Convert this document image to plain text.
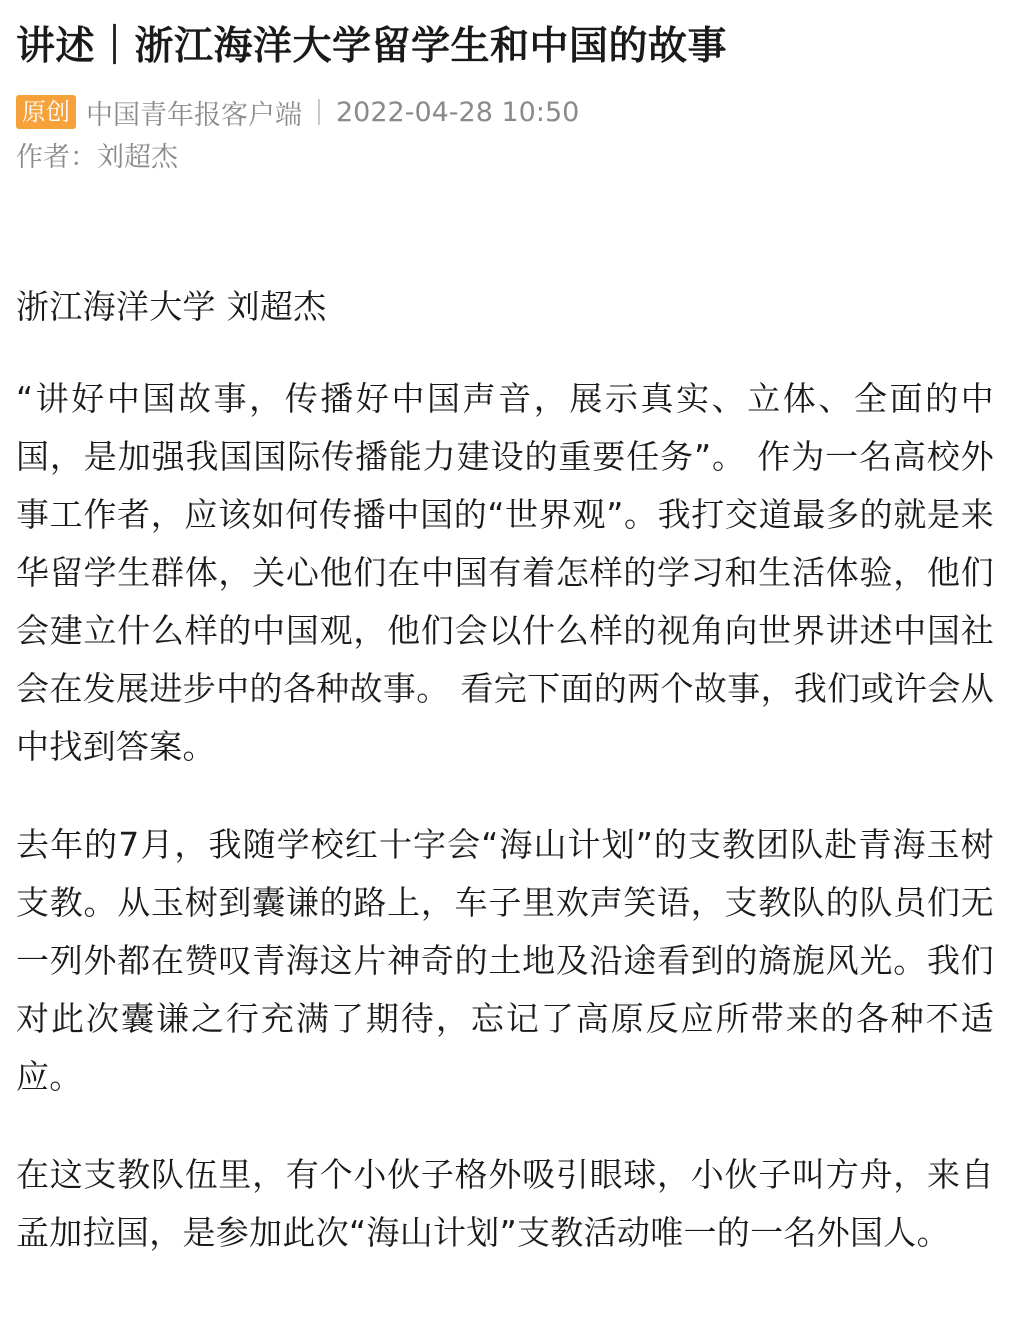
讲述｜浙江海洋大学留学生和中国的故事
原创 中国青年报客户端 2022-04-28 10:50
作者：刘超杰

浙江海洋大学 刘超杰

“讲好中国故事，传播好中国声音，展示真实、立体、全面的中国，是加强我国国际传播能力建设的重要任务”。 作为一名高校外事工作者，应该如何传播中国的“世界观”。我打交道最多的就是来华留学生群体，关心他们在中国有着怎样的学习和生活体验，他们会建立什么样的中国观，他们会以什么样的视角向世界讲述中国社会在发展进步中的各种故事。 看完下面的两个故事，我们或许会从中找到答案。

去年的7月，我随学校红十字会“海山计划”的支教团队赴青海玉树支教。从玉树到囊谦的路上，车子里欢声笑语，支教队的队员们无一列外都在赞叹青海这片神奇的土地及沿途看到的旖旎风光。我们对此次囊谦之行充满了期待，忘记了高原反应所带来的各种不适应。

在这支教队伍里，有个小伙子格外吸引眼球，小伙子叫方舟，来自孟加拉国，是参加此次“海山计划”支教活动唯一的一名外国人。
